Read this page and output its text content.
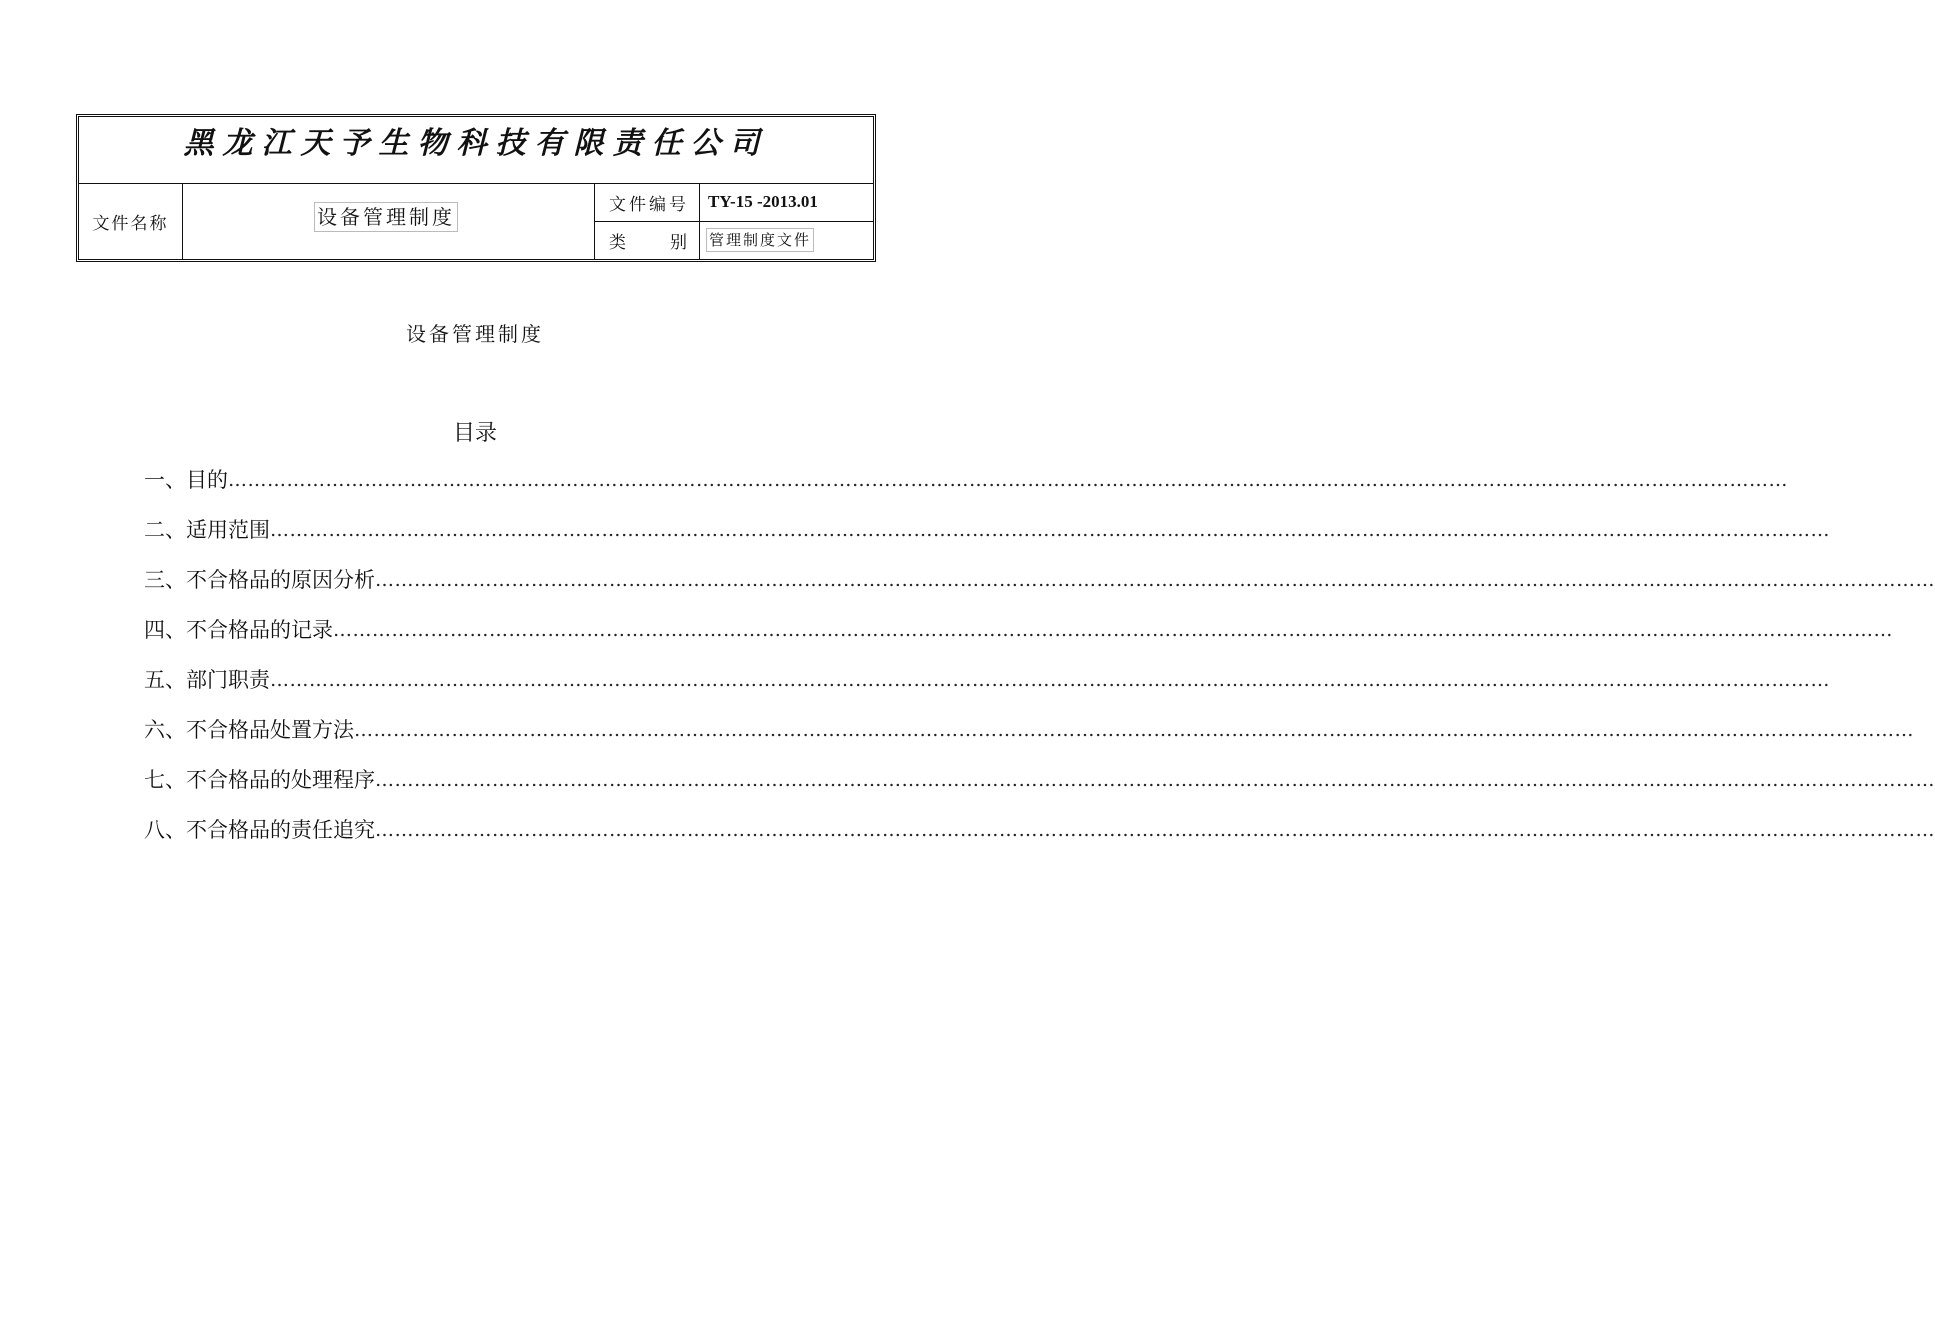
黑龙江天予生物科技有限责任公司
文件名称	设备管理制度
文件编号
类	别
TY-15 -2013.01
管理制度文件
设备管理制度
目录
一、目的 ……………………………………………………………………………………………………………………………………………………………………………………………………………………
二、适用范围 ……………………………………………………………………………………………………………………………………………………………………………………………………………………
三、不合格品的原因分析 ……………………………………………………………………………………………………………………………………………………………………………………………………………………
四、不合格品的记录 ……………………………………………………………………………………………………………………………………………………………………………………………………………………
五、部门职责 ……………………………………………………………………………………………………………………………………………………………………………………………………………………
六、不合格品处置方法 ……………………………………………………………………………………………………………………………………………………………………………………………………………………
七、不合格品的处理程序 ……………………………………………………………………………………………………………………………………………………………………………………………………………………
八、不合格品的责任追究 ……………………………………………………………………………………………………………………………………………………………………………………………………………………
